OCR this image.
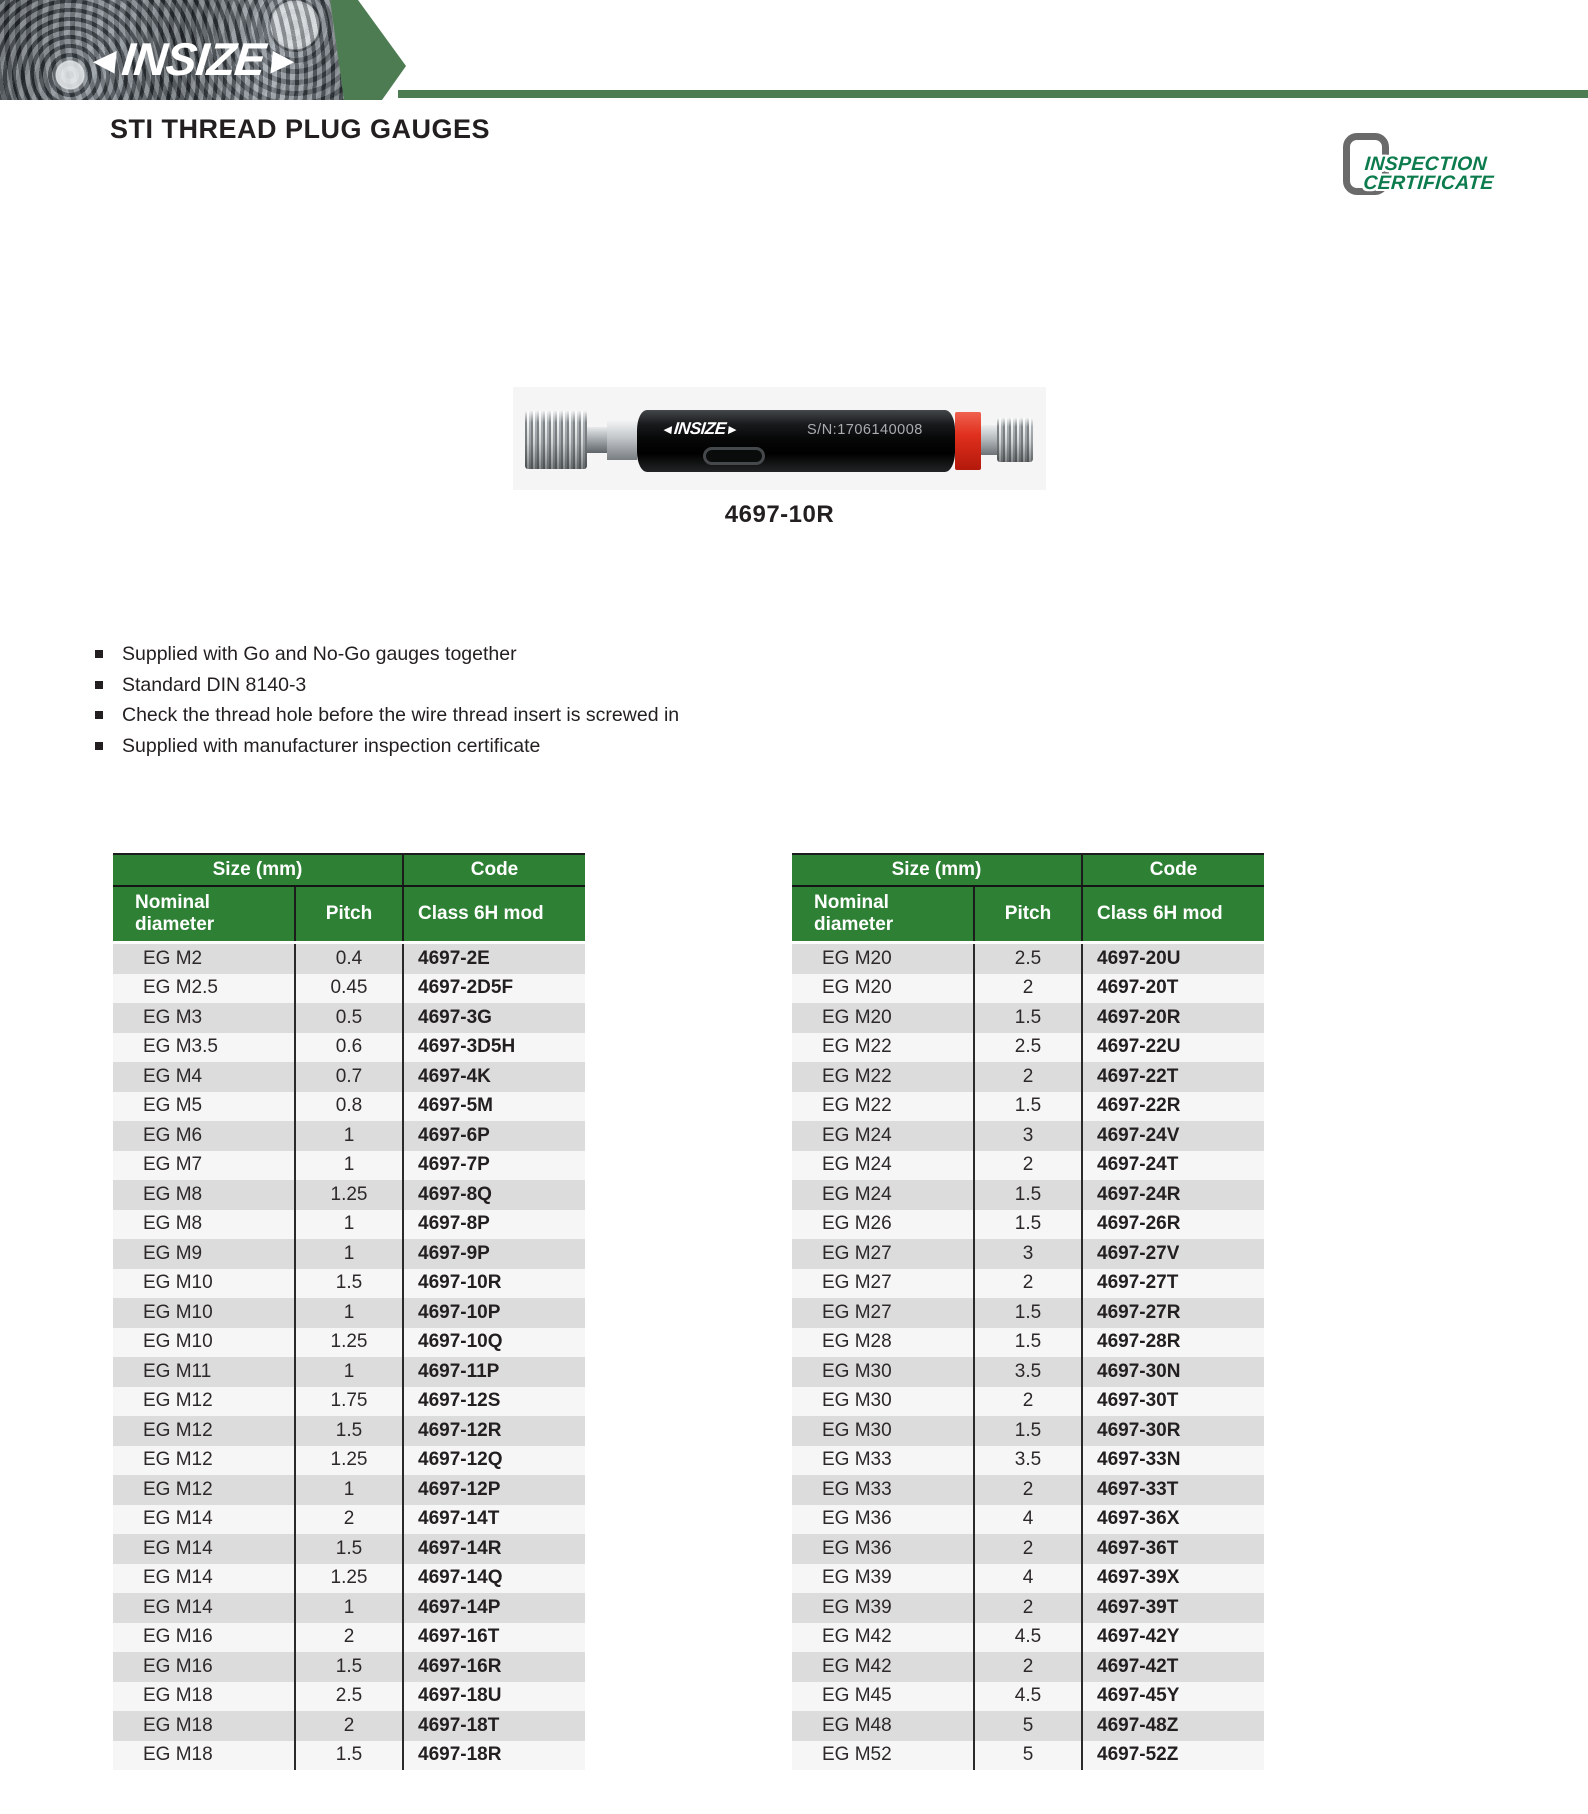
◄INSIZE►
STI THREAD PLUG GAUGES
INSPECTION
CERTIFICATE
◄INSIZE►	S/N:1706140008
4697-10R
Supplied with Go and No-Go gauges together
Standard DIN 8140-3
Check the thread hole before the wire thread insert is screwed in
Supplied with manufacturer inspection certificate
Size (mm)		Code
Nominal diameter	Pitch	Class 6H mod
EG M2	0.4	4697-2E
EG M2.5	0.45	4697-2D5F
EG M3	0.5	4697-3G
EG M3.5	0.6	4697-3D5H
EG M4	0.7	4697-4K
EG M5	0.8	4697-5M
EG M6	1	4697-6P
EG M7	1	4697-7P
EG M8	1.25	4697-8Q
EG M8	1	4697-8P
EG M9	1	4697-9P
EG M10	1.5	4697-10R
EG M10	1	4697-10P
EG M10	1.25	4697-10Q
EG M11	1	4697-11P
EG M12	1.75	4697-12S
EG M12	1.5	4697-12R
EG M12	1.25	4697-12Q
EG M12	1	4697-12P
EG M14	2	4697-14T
EG M14	1.5	4697-14R
EG M14	1.25	4697-14Q
EG M14	1	4697-14P
EG M16	2	4697-16T
EG M16	1.5	4697-16R
EG M18	2.5	4697-18U
EG M18	2	4697-18T
EG M18	1.5	4697-18R
Size (mm)		Code
Nominal diameter	Pitch	Class 6H mod
EG M20	2.5	4697-20U
EG M20	2	4697-20T
EG M20	1.5	4697-20R
EG M22	2.5	4697-22U
EG M22	2	4697-22T
EG M22	1.5	4697-22R
EG M24	3	4697-24V
EG M24	2	4697-24T
EG M24	1.5	4697-24R
EG M26	1.5	4697-26R
EG M27	3	4697-27V
EG M27	2	4697-27T
EG M27	1.5	4697-27R
EG M28	1.5	4697-28R
EG M30	3.5	4697-30N
EG M30	2	4697-30T
EG M30	1.5	4697-30R
EG M33	3.5	4697-33N
EG M33	2	4697-33T
EG M36	4	4697-36X
EG M36	2	4697-36T
EG M39	4	4697-39X
EG M39	2	4697-39T
EG M42	4.5	4697-42Y
EG M42	2	4697-42T
EG M45	4.5	4697-45Y
EG M48	5	4697-48Z
EG M52	5	4697-52Z
